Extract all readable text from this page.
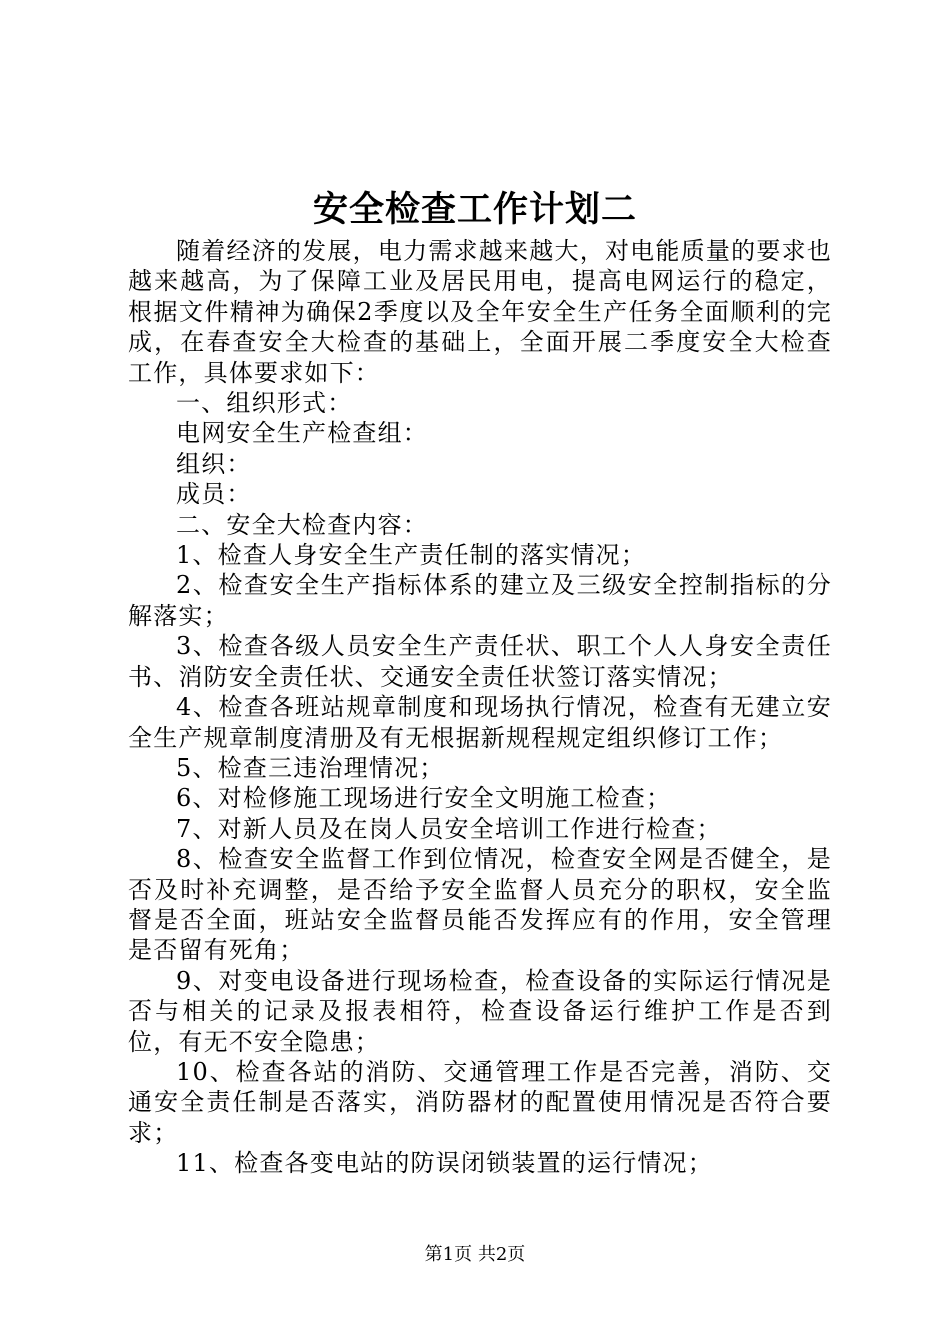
安全检查工作计划二

随着经济的发展，电力需求越来越大，对电能质量的要求也越来越高，为了保障工业及居民用电，提高电网运行的稳定，根据文件精神为确保2季度以及全年安全生产任务全面顺利的完成，在春查安全大检查的基础上，全面开展二季度安全大检查工作，具体要求如下：

一、组织形式：

电网安全生产检查组：

组织：

成员：

二、安全大检查内容：

1、检查人身安全生产责任制的落实情况；

2、检查安全生产指标体系的建立及三级安全控制指标的分解落实；

3、检查各级人员安全生产责任状、职工个人人身安全责任书、消防安全责任状、交通安全责任状签订落实情况；

4、检查各班站规章制度和现场执行情况，检查有无建立安全生产规章制度清册及有无根据新规程规定组织修订工作；

5、检查三违治理情况；

6、对检修施工现场进行安全文明施工检查；

7、对新人员及在岗人员安全培训工作进行检查；

8、检查安全监督工作到位情况，检查安全网是否健全，是否及时补充调整，是否给予安全监督人员充分的职权，安全监督是否全面，班站安全监督员能否发挥应有的作用，安全管理是否留有死角；

9、对变电设备进行现场检查，检查设备的实际运行情况是否与相关的记录及报表相符，检查设备运行维护工作是否到位，有无不安全隐患；

10、检查各站的消防、交通管理工作是否完善，消防、交通安全责任制是否落实，消防器材的配置使用情况是否符合要求；

11、检查各变电站的防误闭锁装置的运行情况；

第1页 共2页
